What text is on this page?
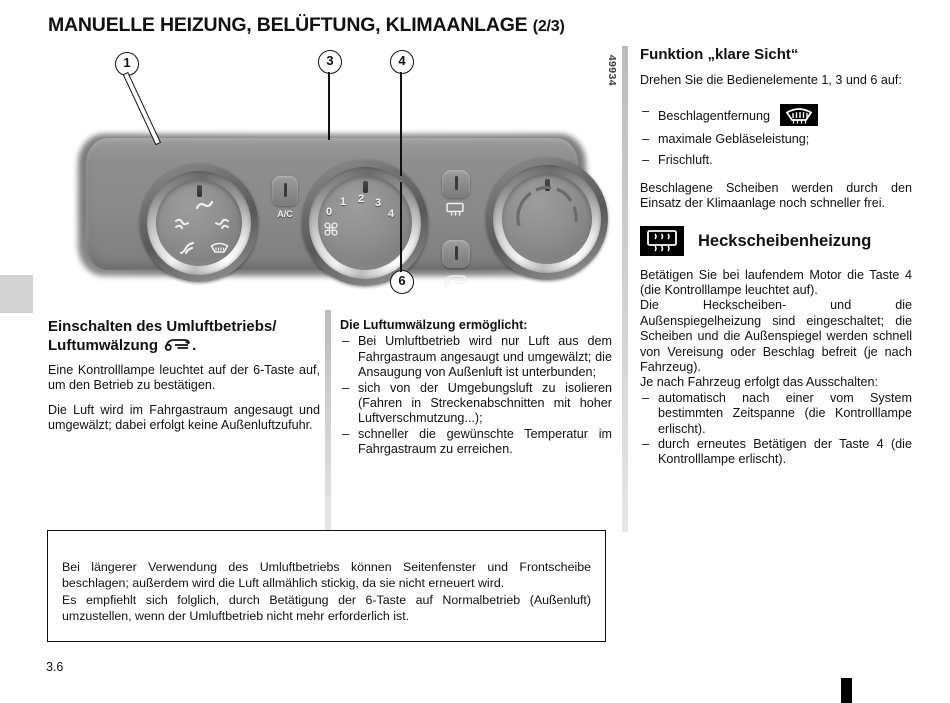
MANUELLE HEIZUNG, BELÜFTUNG, KLIMAANLAGE (2/3)
49934
A/C	0
1 2 3
4
1	3	4
6
Einschalten des Umluftbetriebs/
Luftumwälzung .

Eine Kontrolllampe leuchtet auf der 6-Taste auf, um den Betrieb zu bestätigen.

Die Luft wird im Fahrgastraum angesaugt und umgewälzt; dabei erfolgt keine Außenluftzufuhr.

Die Luftumwälzung ermöglicht:
– Bei Umluftbetrieb wird nur Luft aus dem Fahrgastraum angesaugt und umgewälzt; die Ansaugung von Außenluft ist unterbunden;
– sich von der Umgebungsluft zu isolieren (Fahren in Streckenabschnitten mit hoher Luftverschmutzung...);
– schneller die gewünschte Temperatur im Fahrgastraum zu erreichen.
Funktion „klare Sicht“

Drehen Sie die Bedienelemente 1, 3 und 6 auf:

– Beschlagentfernung
– maximale Gebläseleistung;
– Frischluft.

Beschlagene Scheiben werden durch den Einsatz der Klimaanlage noch schneller frei.

Heckscheibenheizung

Betätigen Sie bei laufendem Motor die Taste 4 (die Kontrolllampe leuchtet auf).

Die Heckscheiben- und die Außenspiegelheizung sind eingeschaltet; die Scheiben und die Außenspiegel werden schnell von Vereisung oder Beschlag befreit (je nach Fahrzeug).

Je nach Fahrzeug erfolgt das Ausschalten:

– automatisch nach einer vom System bestimmten Zeitspanne (die Kontrolllampe erlischt).
– durch erneutes Betätigen der Taste 4 (die Kontrolllampe erlischt).

Bei längerer Verwendung des Umluftbetriebs können Seitenfenster und Frontscheibe beschlagen; außerdem wird die Luft allmählich stickig, da sie nicht erneuert wird.

Es empfiehlt sich folglich, durch Betätigung der 6-Taste auf Normalbetrieb (Außenluft) umzustellen, wenn der Umluftbetrieb nicht mehr erforderlich ist.

3.6
